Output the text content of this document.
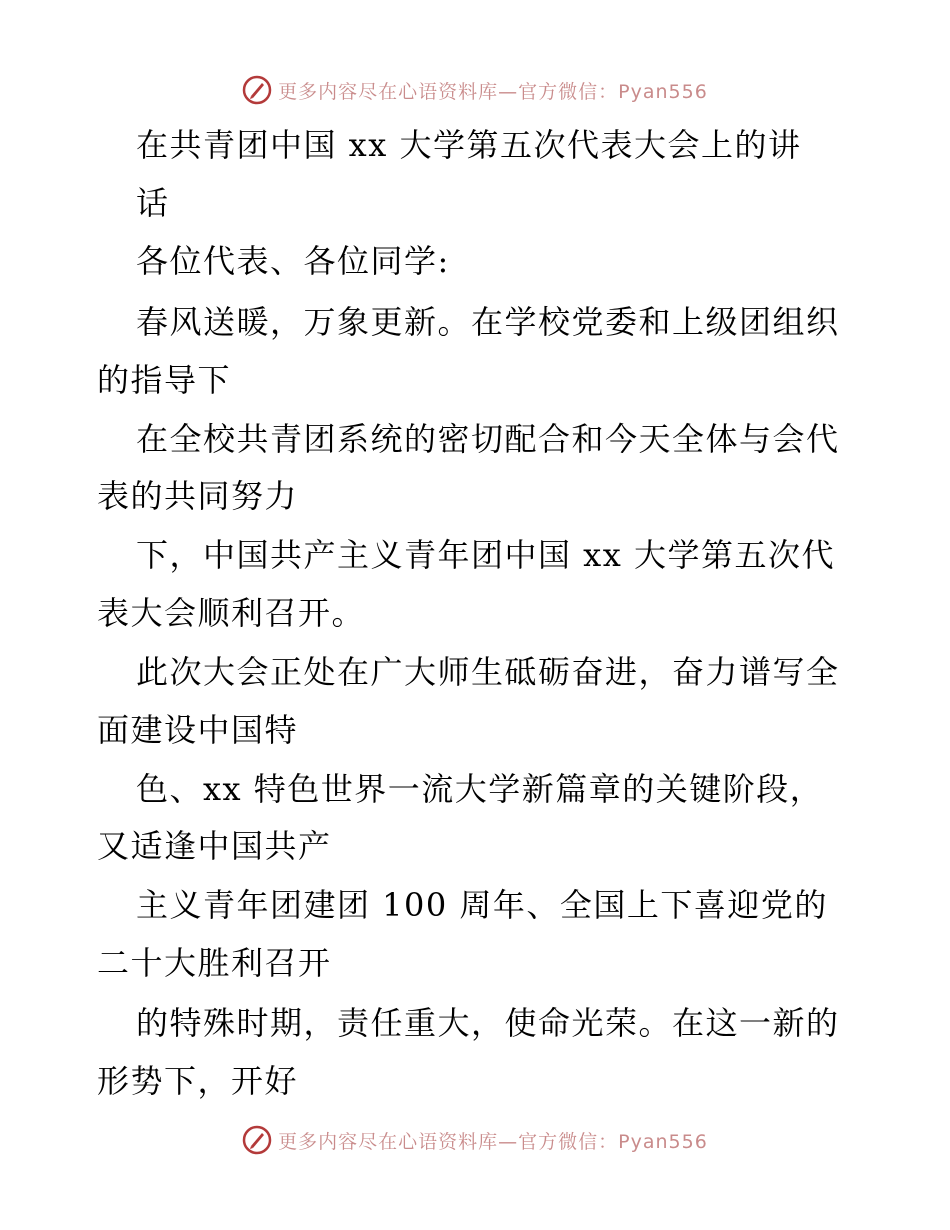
更多内容尽在心语资料库—官方微信：Pyan556
在共青团中国 xx 大学第五次代表大会上的讲
话
各位代表、各位同学:
春风送暖，万象更新。在学校党委和上级团组织
的指导下
在全校共青团系统的密切配合和今天全体与会代
表的共同努力
下，中国共产主义青年团中国 xx 大学第五次代
表大会顺利召开。
此次大会正处在广大师生砥砺奋进，奋力谱写全
面建设中国特
色、xx 特色世界一流大学新篇章的关键阶段，
又适逢中国共产
主义青年团建团 100 周年、全国上下喜迎党的
二十大胜利召开
的特殊时期，责任重大，使命光荣。在这一新的
形势下，开好
更多内容尽在心语资料库—官方微信：Pyan556
